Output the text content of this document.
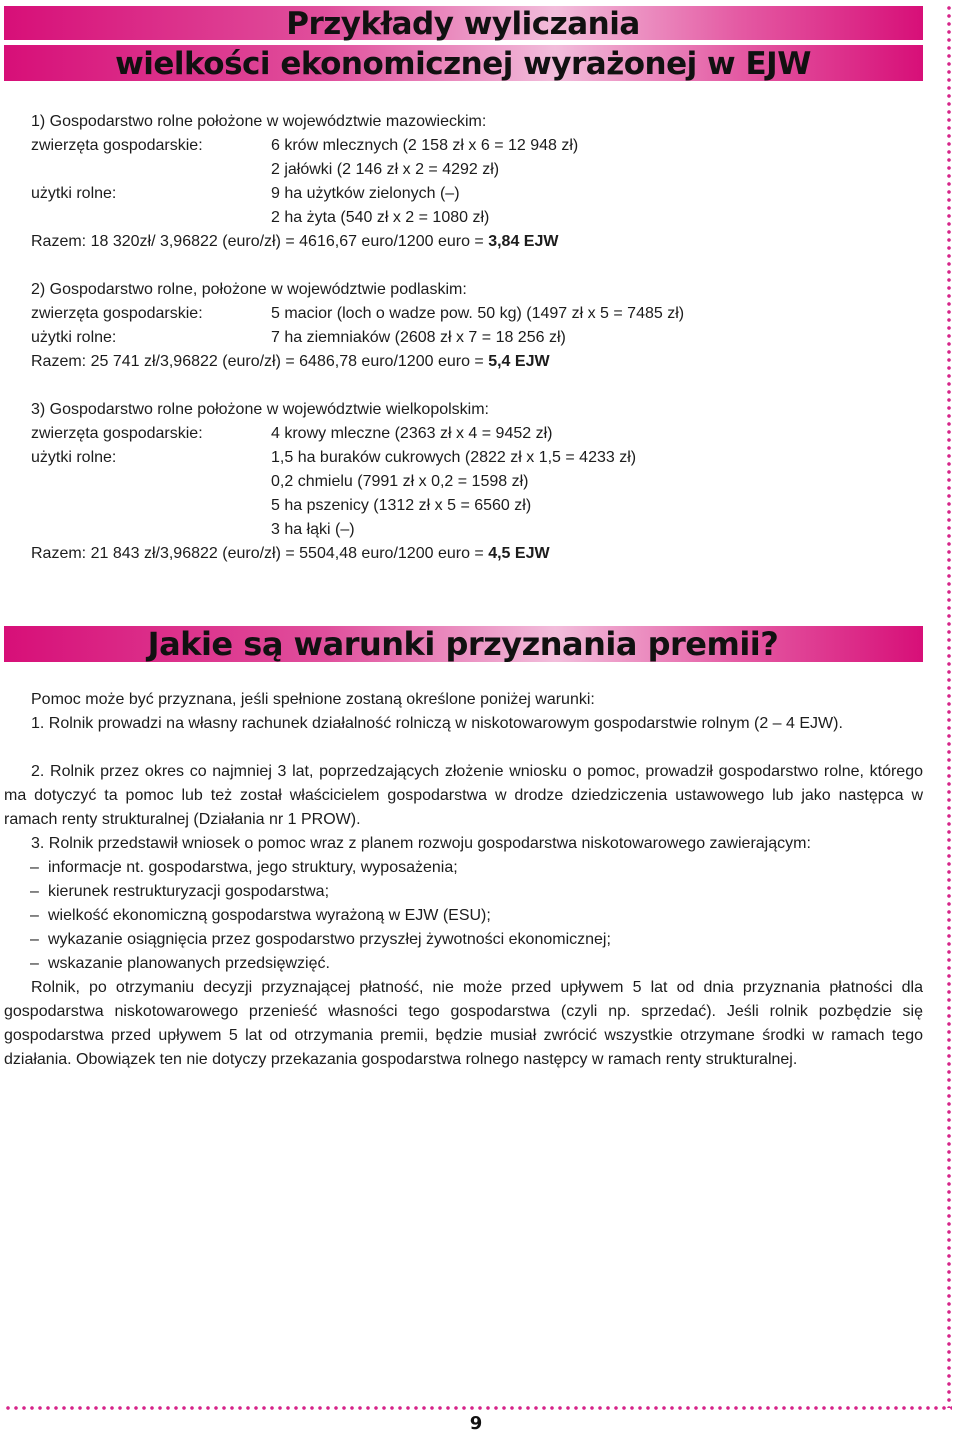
Przykłady wyliczania
wielkości ekonomicznej wyrażonej w EJW
1) Gospodarstwo rolne położone w województwie mazowieckim:
zwierzęta gospodarskie:	6 krów mlecznych (2 158 zł x 6 = 12 948 zł)
2 jałówki (2 146 zł x 2 = 4292 zł)
użytki rolne:	9 ha użytków zielonych (–)
2 ha żyta (540 zł x 2 = 1080 zł)
Razem: 18 320zł/ 3,96822 (euro/zł) = 4616,67 euro/1200 euro = 3,84 EJW
2) Gospodarstwo rolne, położone w województwie podlaskim:
zwierzęta gospodarskie:	5 macior (loch o wadze pow. 50 kg) (1497 zł x 5 = 7485 zł)
użytki rolne:	7 ha ziemniaków (2608 zł x 7 = 18 256 zł)
Razem: 25 741 zł/3,96822 (euro/zł) = 6486,78 euro/1200 euro = 5,4 EJW
3) Gospodarstwo rolne położone w województwie wielkopolskim:
zwierzęta gospodarskie:	4 krowy mleczne (2363 zł x 4 = 9452 zł)
użytki rolne:	1,5 ha buraków cukrowych (2822 zł x 1,5 = 4233 zł)
0,2 chmielu (7991 zł x 0,2 = 1598 zł)
5 ha pszenicy (1312 zł x 5 = 6560 zł)
3 ha łąki (–)
Razem: 21 843 zł/3,96822 (euro/zł) = 5504,48 euro/1200 euro = 4,5 EJW
Jakie są warunki przyznania premii?
Pomoc może być przyznana, jeśli spełnione zostaną określone poniżej warunki:
1. Rolnik prowadzi na własny rachunek działalność rolniczą w niskotowarowym gospodarstwie rolnym (2 – 4 EJW).
2. Rolnik przez okres co najmniej 3 lat, poprzedzających złożenie wniosku o pomoc, prowadził gospodarstwo rolne, którego ma dotyczyć ta pomoc lub też został właścicielem gospodarstwa w drodze dziedziczenia ustawowego lub jako następca w ramach renty strukturalnej (Działania nr 1 PROW).
3. Rolnik przedstawił wniosek o pomoc wraz z planem rozwoju gospodarstwa niskotowarowego zawierającym:
– informacje nt. gospodarstwa, jego struktury, wyposażenia;
– kierunek restrukturyzacji gospodarstwa;
– wielkość ekonomiczną gospodarstwa wyrażoną w EJW (ESU);
– wykazanie osiągnięcia przez gospodarstwo przyszłej żywotności ekonomicznej;
– wskazanie planowanych przedsięwzięć.
Rolnik, po otrzymaniu decyzji przyznającej płatność, nie może przed upływem 5 lat od dnia przyznania płatności dla gospodarstwa niskotowarowego przenieść własności tego gospodarstwa (czyli np. sprzedać). Jeśli rolnik pozbędzie się gospodarstwa przed upływem 5 lat od otrzymania premii, będzie musiał zwrócić wszystkie otrzymane środki w ramach tego działania. Obowiązek ten nie dotyczy przekazania gospodarstwa rolnego następcy w ramach renty strukturalnej.
9
